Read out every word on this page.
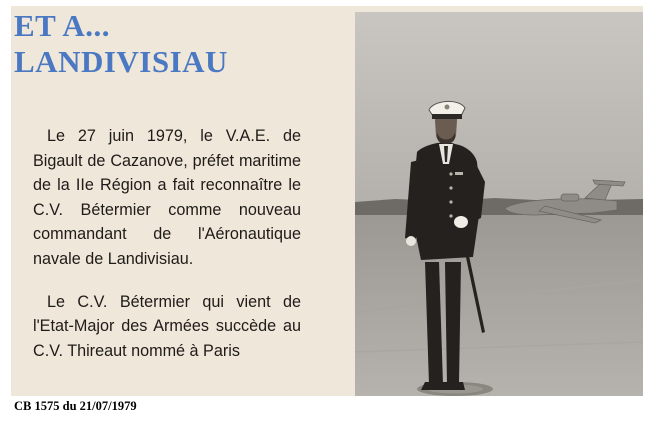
ET A...
LANDIVISIAU

Le 27 juin 1979, le V.A.E. de Bigault de Cazanove, préfet maritime de la IIe Région a fait reconnaître le C.V. Bétermier comme nouveau commandant de l'Aéronautique navale de Landivisiau.

Le C.V. Bétermier qui vient de l'Etat-Major des Armées succède au C.V. Thireaut nommé à Paris

CB 1575 du 21/07/1979
